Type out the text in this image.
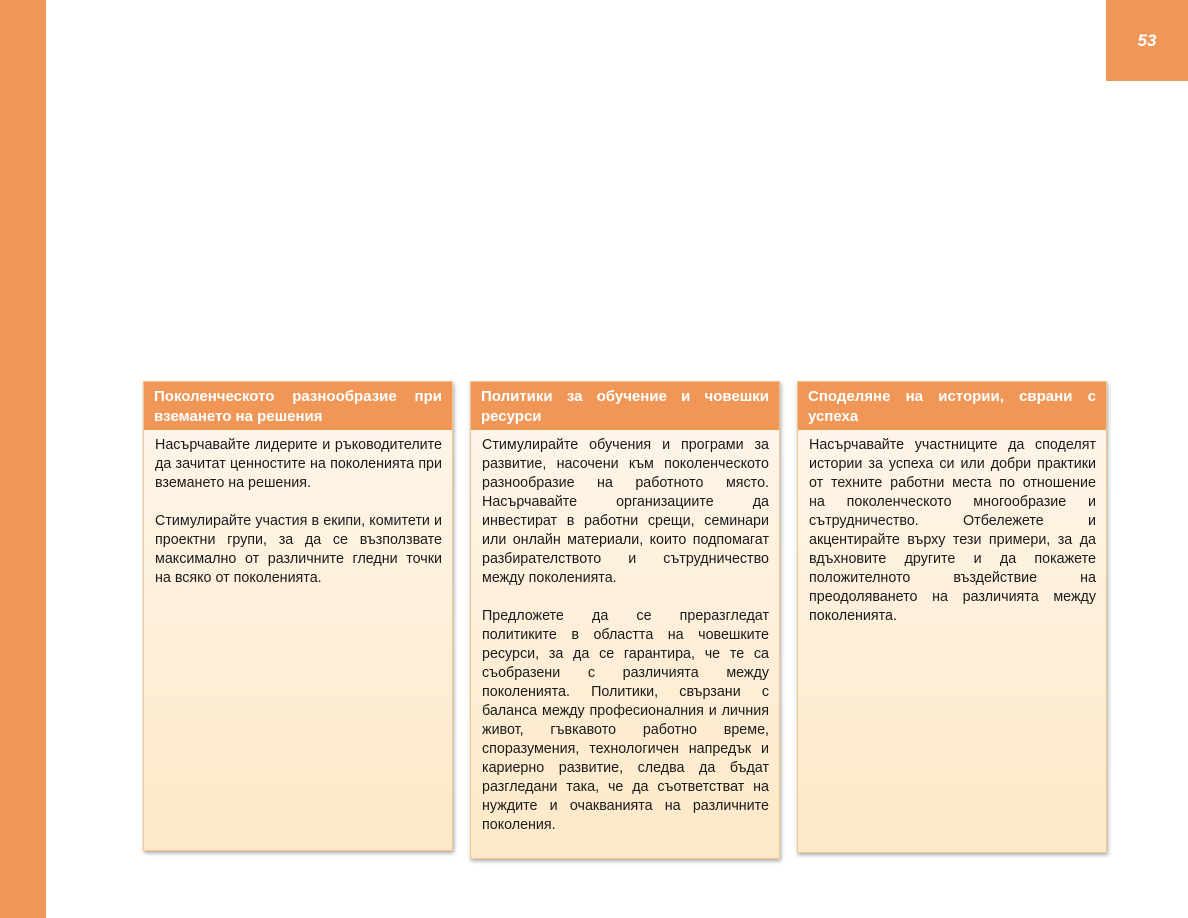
53
Поколенческото разнообразие при вземането на решения

Насърчавайте лидерите и ръководителите да зачитат ценностите на поколенията при вземането на решения.

Стимулирайте участия в екипи, комитети и проектни групи, за да се възползвате максимално от различните гледни точки на всяко от поколенията.

Политики за обучение и човешки ресурси

Стимулирайте обучения и програми за развитие, насочени към поколенческото разнообразие на работното място. Насърчавайте организациите да инвестират в работни срещи, семинари или онлайн материали, които подпомагат разбирателството и сътрудничество между поколенията.

Предложете да се преразгледат политиките в областта на човешките ресурси, за да се гарантира, че те са съобразени с различията между поколенията. Политики, свързани с баланса между професионалния и личния живот, гъвкавото работно време, споразумения, технологичен напредък и кариерно развитие, следва да бъдат разгледани така, че да съответстват на нуждите и очакванията на различните поколения.

Споделяне на истории, сврани с успеха

Насърчавайте участниците да споделят истории за успеха си или добри практики от техните работни места по отношение на поколенческото многообразие и сътрудничество. Отбележете и акцентирайте върху тези примери, за да вдъхновите другите и да покажете положителното въздействие на преодоляването на различията между поколенията.
